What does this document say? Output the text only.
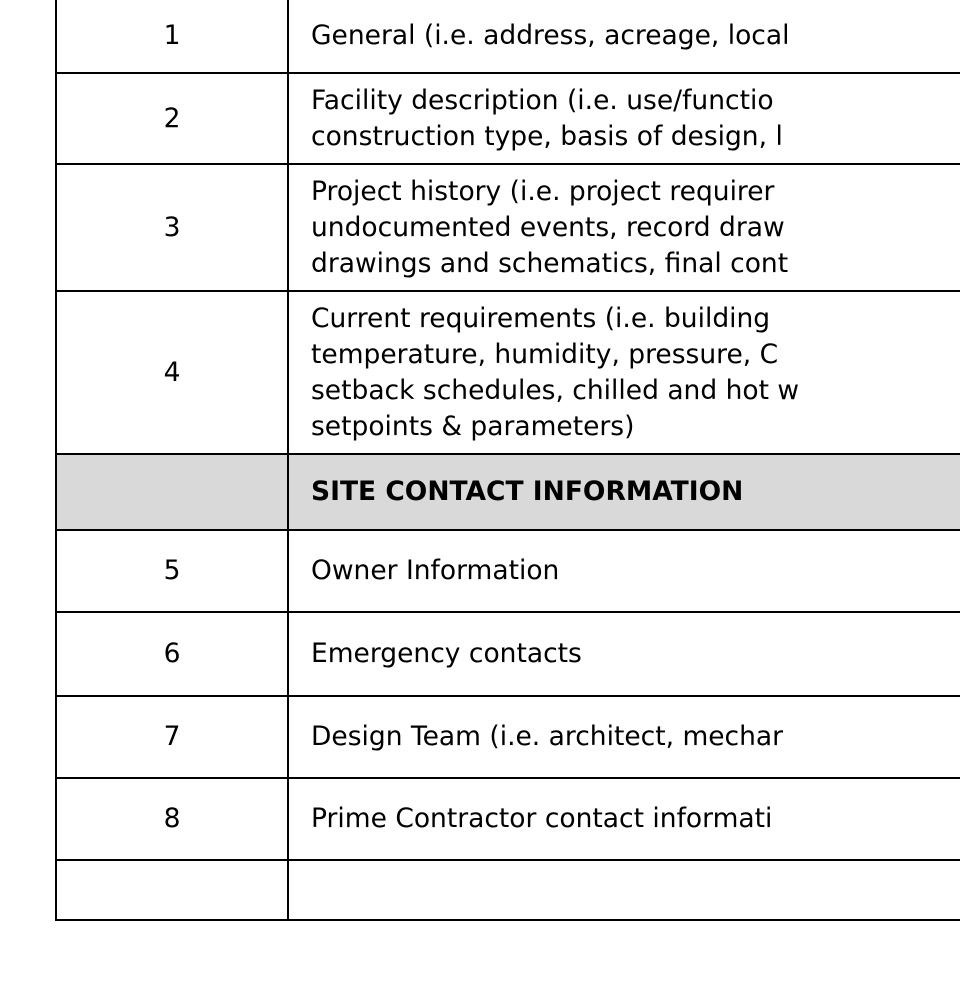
1	General (i.e. address, acreage, local

2	Facility description (i.e. use/functio
construction type, basis of design, l

3	Project history (i.e. project requirer
undocumented events, record draw
drawings and schematics, final cont

4	Current requirements (i.e. building
temperature, humidity, pressure, C
setback schedules, chilled and hot w
setpoints & parameters)

	SITE CONTACT INFORMATION

5	Owner Information

6	Emergency contacts

7	Design Team (i.e. architect, mechar

8	Prime Contractor contact informati
